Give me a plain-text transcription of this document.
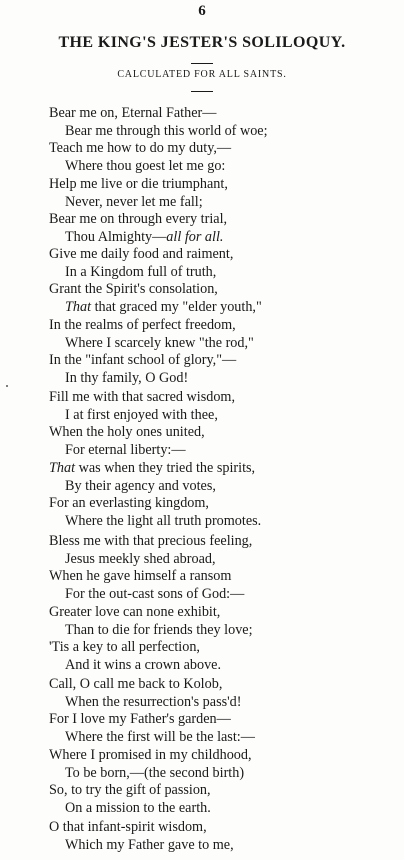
6
THE KING'S JESTER'S SOLILOQUY.
CALCULATED FOR ALL SAINTS.
Bear me on, Eternal Father—
Bear me through this world of woe;
Teach me how to do my duty,—
Where thou goest let me go:
Help me live or die triumphant,
Never, never let me fall;
Bear me on through every trial,
Thou Almighty—all for all.
Give me daily food and raiment,
In a Kingdom full of truth,
Grant the Spirit's consolation,
That that graced my "elder youth,"
In the realms of perfect freedom,
Where I scarcely knew "the rod,"
In the "infant school of glory,"—
In thy family, O God!
Fill me with that sacred wisdom,
I at first enjoyed with thee,
When the holy ones united,
For eternal liberty:—
That was when they tried the spirits,
By their agency and votes,
For an everlasting kingdom,
Where the light all truth promotes.
Bless me with that precious feeling,
Jesus meekly shed abroad,
When he gave himself a ransom
For the out-cast sons of God:—
Greater love can none exhibit,
Than to die for friends they love;
'Tis a key to all perfection,
And it wins a crown above.
Call, O call me back to Kolob,
When the resurrection's pass'd!
For I love my Father's garden—
Where the first will be the last:—
Where I promised in my childhood,
To be born,—(the second birth)
So, to try the gift of passion,
On a mission to the earth.
O that infant-spirit wisdom,
Which my Father gave to me,
